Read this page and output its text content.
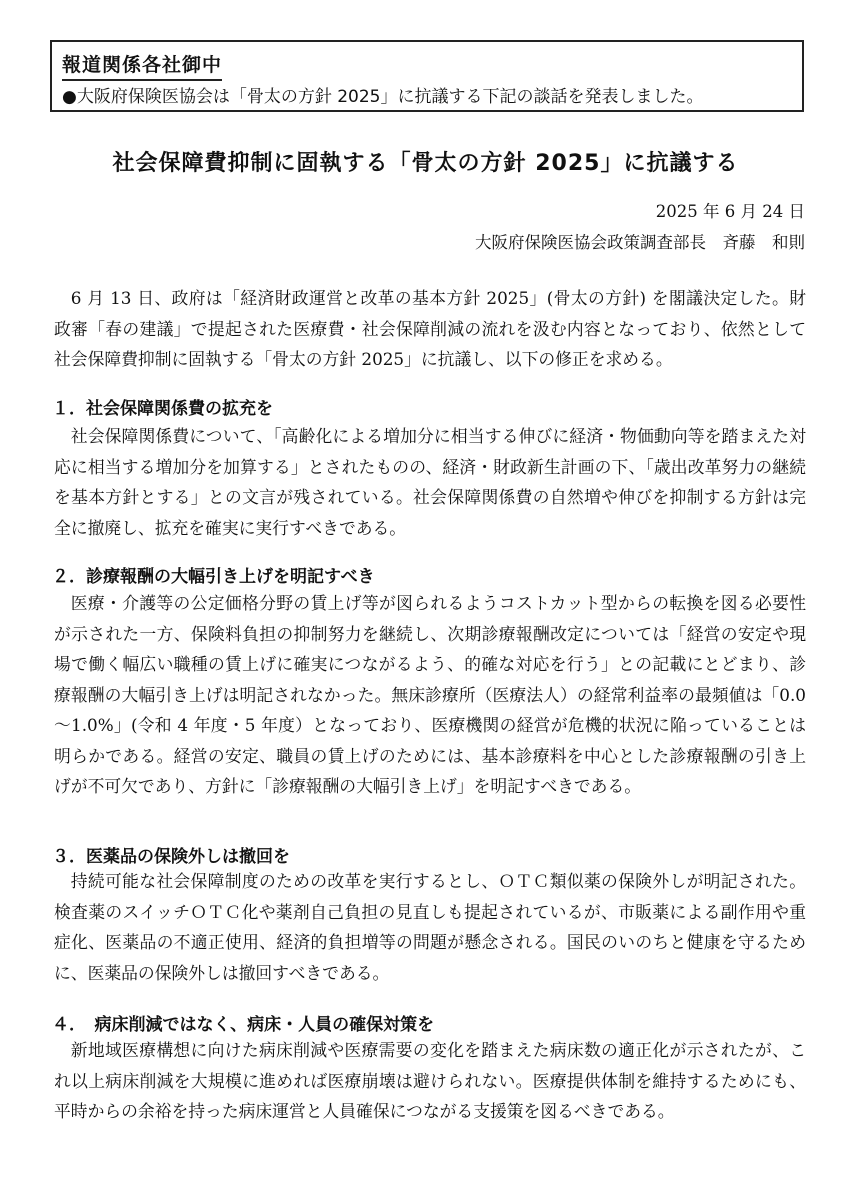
報道関係各社御中
●大阪府保険医協会は「骨太の方針 2025」に抗議する下記の談話を発表しました。
社会保障費抑制に固執する「骨太の方針 2025」に抗議する
2025 年 6 月 24 日
大阪府保険医協会政策調査部長　斉藤　和則

6 月 13 日、政府は「経済財政運営と改革の基本方針 2025」(骨太の方針) を閣議決定した。財政審「春の建議」で提起された医療費・社会保障削減の流れを汲む内容となっており、依然として社会保障費抑制に固執する「骨太の方針 2025」に抗議し、以下の修正を求める。

１．社会保障関係費の拡充を

社会保障関係費について、「高齢化による増加分に相当する伸びに経済・物価動向等を踏まえた対応に相当する増加分を加算する」とされたものの、経済・財政新生計画の下、「歳出改革努力の継続を基本方針とする」との文言が残されている。社会保障関係費の自然増や伸びを抑制する方針は完全に撤廃し、拡充を確実に実行すべきである。

２．診療報酬の大幅引き上げを明記すべき

医療・介護等の公定価格分野の賃上げ等が図られるようコストカット型からの転換を図る必要性が示された一方、保険料負担の抑制努力を継続し、次期診療報酬改定については「経営の安定や現場で働く幅広い職種の賃上げに確実につながるよう、的確な対応を行う」との記載にとどまり、診療報酬の大幅引き上げは明記されなかった。無床診療所（医療法人）の経常利益率の最頻値は「0.0～1.0%」(令和 4 年度・5 年度）となっており、医療機関の経営が危機的状況に陥っていることは明らかである。経営の安定、職員の賃上げのためには、基本診療料を中心とした診療報酬の引き上げが不可欠であり、方針に「診療報酬の大幅引き上げ」を明記すべきである。

３．医薬品の保険外しは撤回を

持続可能な社会保障制度のための改革を実行するとし、ＯＴＣ類似薬の保険外しが明記された。検査薬のスイッチＯＴＣ化や薬剤自己負担の見直しも提起されているが、市販薬による副作用や重症化、医薬品の不適正使用、経済的負担増等の問題が懸念される。国民のいのちと健康を守るために、医薬品の保険外しは撤回すべきである。

４．　病床削減ではなく、病床・人員の確保対策を

新地域医療構想に向けた病床削減や医療需要の変化を踏まえた病床数の適正化が示されたが、これ以上病床削減を大規模に進めれば医療崩壊は避けられない。医療提供体制を維持するためにも、平時からの余裕を持った病床運営と人員確保につながる支援策を図るべきである。
